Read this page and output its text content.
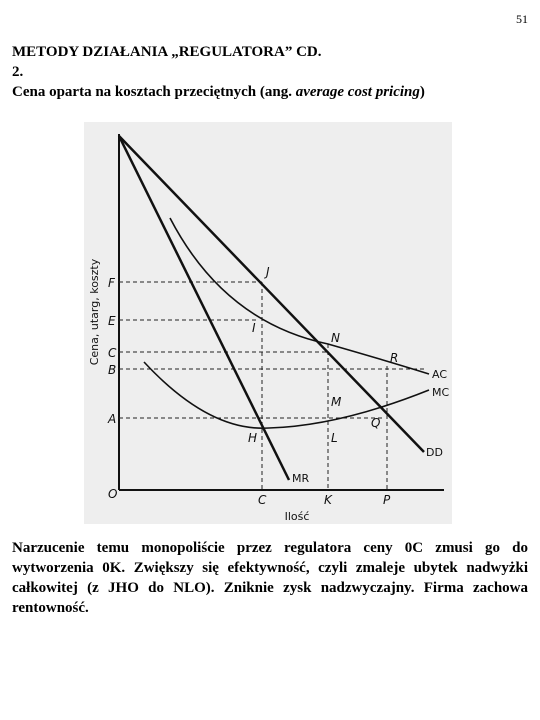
51
METODY DZIAŁANIA „REGULATORA” CD.
2.
Cena oparta na kosztach przeciętnych (ang. average cost pricing)
Cena, utarg, koszty
Ilość
O
F
E
C
B
A
C	K	P
J
I
N
R
M
Q
H	L
AC
MC
DD
MR
Narzucenie temu monopoliście przez regulatora ceny 0C zmusi go do wytworzenia 0K. Zwiększy się efektywność, czyli zmaleje ubytek nadwyżki całkowitej (z JHO do NLO). Zniknie zysk nadzwyczajny. Firma zachowa rentowność.
